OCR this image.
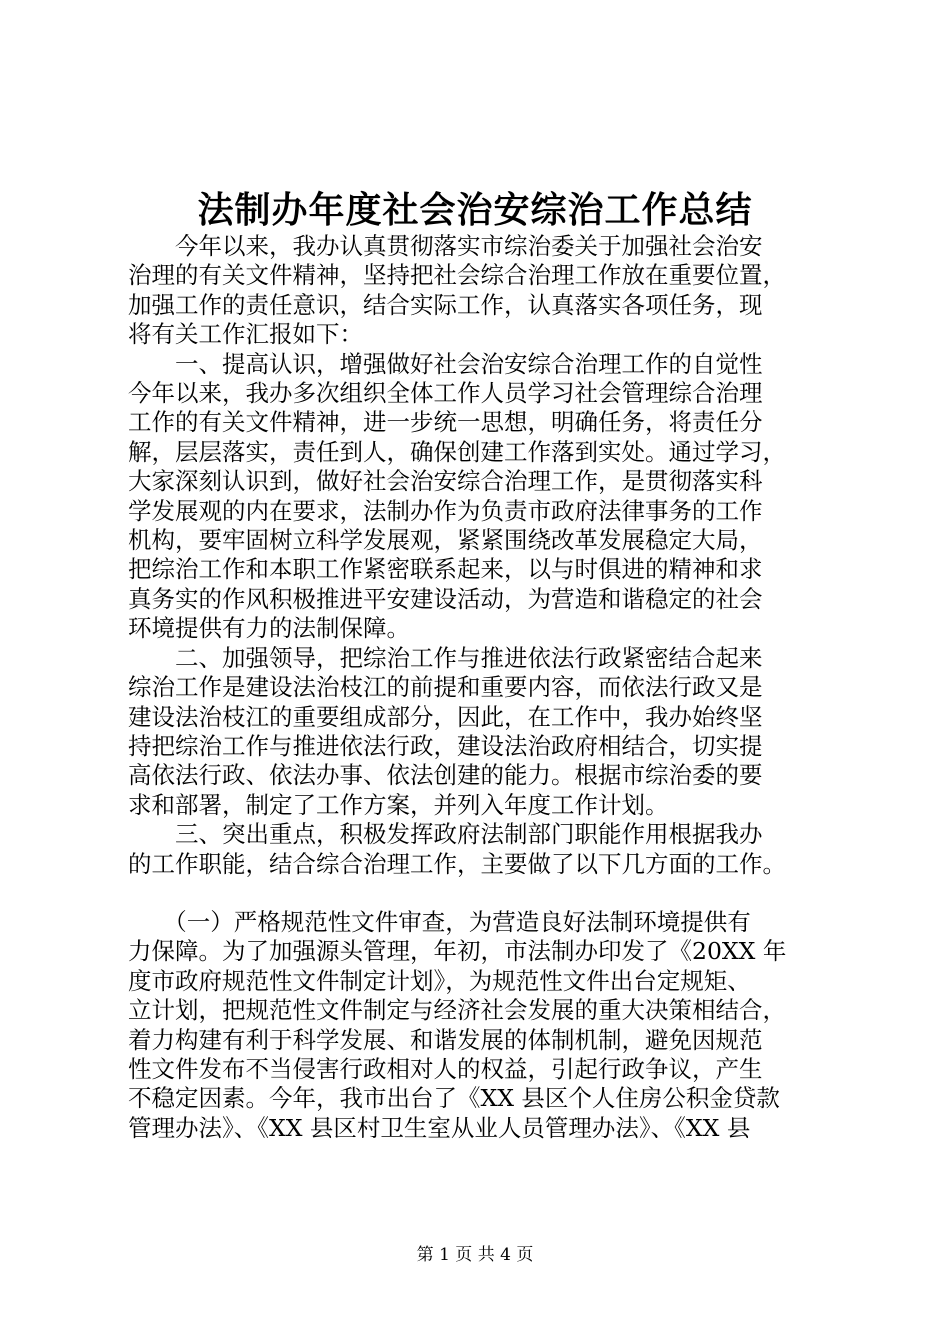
法制办年度社会治安综治工作总结
　　今年以来，我办认真贯彻落实市综治委关于加强社会治安
治理的有关文件精神，坚持把社会综合治理工作放在重要位置，
加强工作的责任意识，结合实际工作，认真落实各项任务，现
将有关工作汇报如下：
　　一、提高认识，增强做好社会治安综合治理工作的自觉性
今年以来，我办多次组织全体工作人员学习社会管理综合治理
工作的有关文件精神，进一步统一思想，明确任务，将责任分
解，层层落实，责任到人，确保创建工作落到实处。通过学习，
大家深刻认识到，做好社会治安综合治理工作，是贯彻落实科
学发展观的内在要求，法制办作为负责市政府法律事务的工作
机构，要牢固树立科学发展观，紧紧围绕改革发展稳定大局，
把综治工作和本职工作紧密联系起来，以与时俱进的精神和求
真务实的作风积极推进平安建设活动，为营造和谐稳定的社会
环境提供有力的法制保障。
　　二、加强领导，把综治工作与推进依法行政紧密结合起来
综治工作是建设法治枝江的前提和重要内容，而依法行政又是
建设法治枝江的重要组成部分，因此，在工作中，我办始终坚
持把综治工作与推进依法行政，建设法治政府相结合，切实提
高依法行政、依法办事、依法创建的能力。根据市综治委的要
求和部署，制定了工作方案，并列入年度工作计划。
　　三、突出重点，积极发挥政府法制部门职能作用根据我办
的工作职能，结合综合治理工作，主要做了以下几方面的工作。
　　（一）严格规范性文件审查，为营造良好法制环境提供有
力保障。为了加强源头管理，年初，市法制办印发了《20XX 年
度市政府规范性文件制定计划》，为规范性文件出台定规矩、
立计划，把规范性文件制定与经济社会发展的重大决策相结合，
着力构建有利于科学发展、和谐发展的体制机制，避免因规范
性文件发布不当侵害行政相对人的权益，引起行政争议，产生
不稳定因素。今年，我市出台了《XX 县区个人住房公积金贷款
管理办法》、《XX 县区村卫生室从业人员管理办法》、《XX 县
第 1 页 共 4 页
